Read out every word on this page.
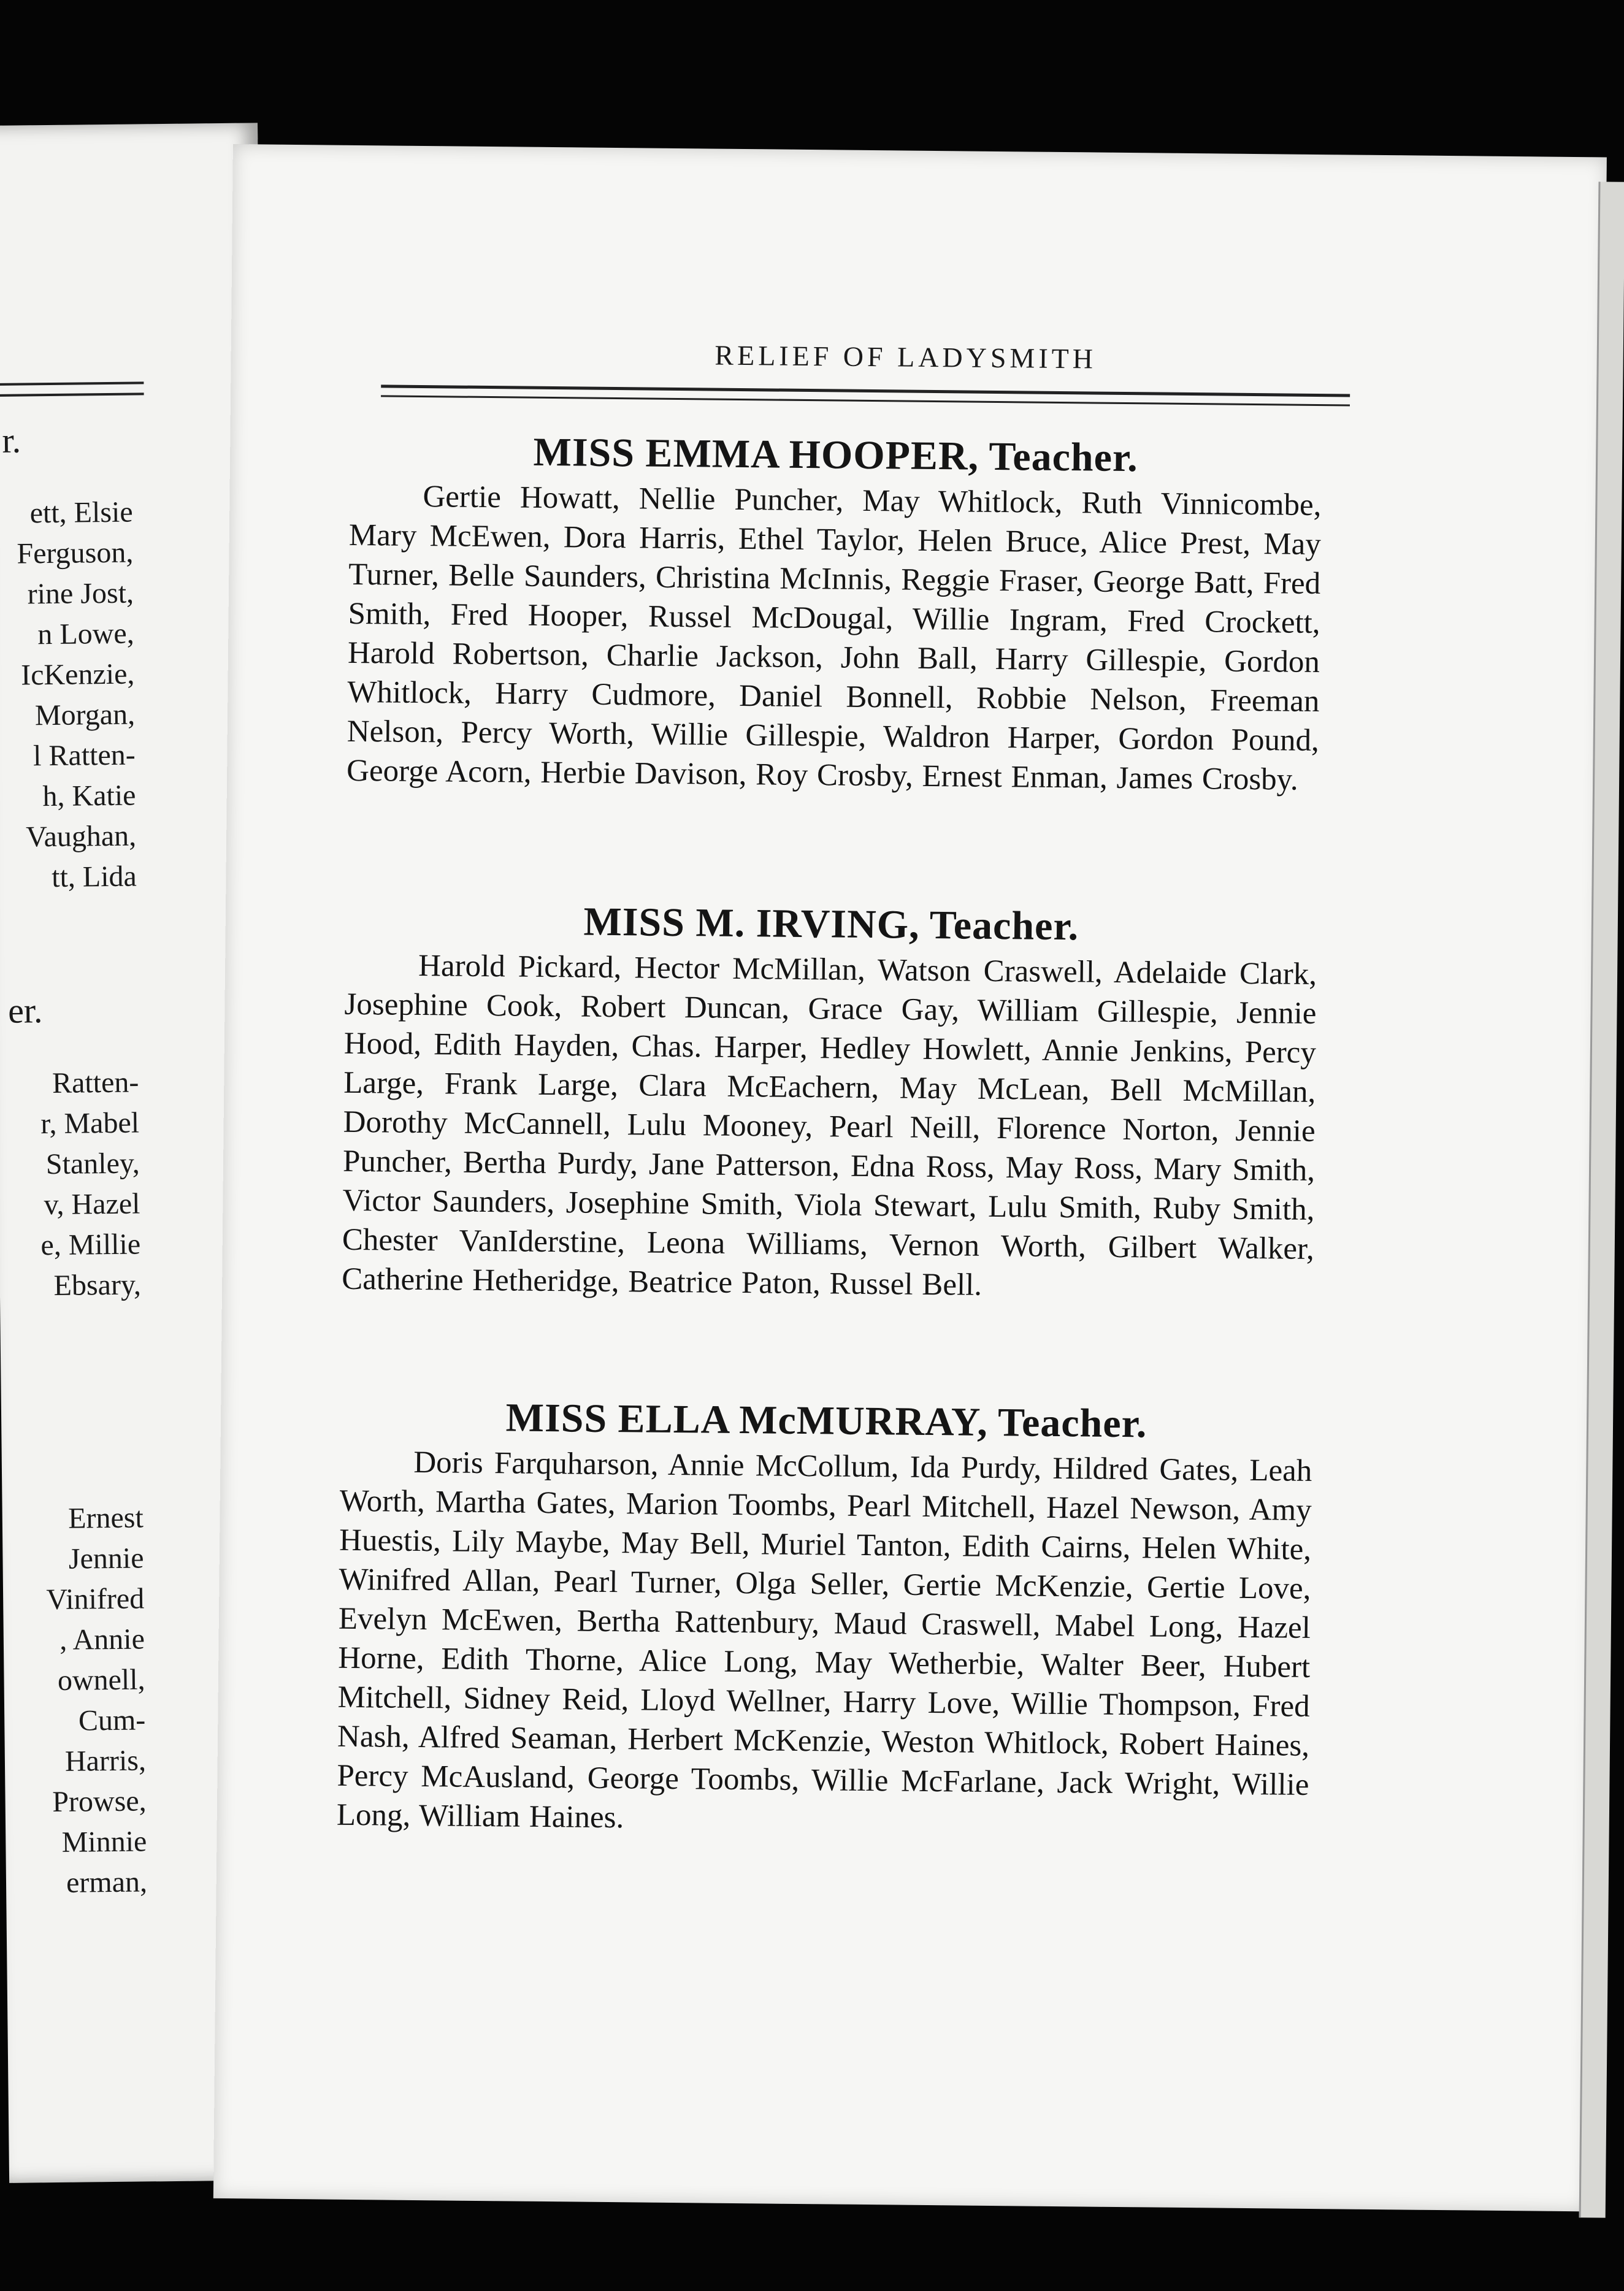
r.
ett, Elsie
Ferguson,
rine Jost,
n Lowe,
IcKenzie,
Morgan,
l Ratten-
h, Katie
Vaughan,
tt, Lida
er.
Ratten-
r, Mabel
Stanley,
v, Hazel
e, Millie
Ebsary,
Ernest
Jennie
Vinifred
, Annie
ownell,
Cum-
Harris,
Prowse,
Minnie
erman,
RELIEF OF LADYSMITH
MISS EMMA HOOPER, Teacher.

Gertie Howatt, Nellie Puncher, May Whitlock, Ruth Vinnicombe, Mary McEwen, Dora Harris, Ethel Taylor, Helen Bruce, Alice Prest, May Turner, Belle Saunders, Christina McInnis, Reggie Fraser, George Batt, Fred Smith, Fred Hooper, Russel McDougal, Willie Ingram, Fred Crockett, Harold Robertson, Charlie Jackson, John Ball, Harry Gillespie, Gordon Whitlock, Harry Cudmore, Daniel Bonnell, Robbie Nelson, Freeman Nelson, Percy Worth, Willie Gillespie, Waldron Harper, Gordon Pound, George Acorn, Herbie Davison, Roy Crosby, Ernest Enman, James Crosby.

MISS M. IRVING, Teacher.

Harold Pickard, Hector McMillan, Watson Craswell, Adelaide Clark, Josephine Cook, Robert Duncan, Grace Gay, William Gillespie, Jennie Hood, Edith Hayden, Chas. Harper, Hedley Howlett, Annie Jenkins, Percy Large, Frank Large, Clara McEachern, May McLean, Bell McMillan, Dorothy McCannell, Lulu Mooney, Pearl Neill, Florence Norton, Jennie Puncher, Bertha Purdy, Jane Patterson, Edna Ross, May Ross, Mary Smith, Victor Saunders, Josephine Smith, Viola Stewart, Lulu Smith, Ruby Smith, Chester VanIderstine, Leona Williams, Vernon Worth, Gilbert Walker, Catherine Hetheridge, Beatrice Paton, Russel Bell.

MISS ELLA McMURRAY, Teacher.

Doris Farquharson, Annie McCollum, Ida Purdy, Hildred Gates, Leah Worth, Martha Gates, Marion Toombs, Pearl Mitchell, Hazel Newson, Amy Huestis, Lily Maybe, May Bell, Muriel Tanton, Edith Cairns, Helen White, Winifred Allan, Pearl Turner, Olga Seller, Gertie McKenzie, Gertie Love, Evelyn McEwen, Bertha Rattenbury, Maud Craswell, Mabel Long, Hazel Horne, Edith Thorne, Alice Long, May Wetherbie, Walter Beer, Hubert Mitchell, Sidney Reid, Lloyd Wellner, Harry Love, Willie Thompson, Fred Nash, Alfred Seaman, Herbert McKenzie, Weston Whitlock, Robert Haines, Percy McAusland, George Toombs, Willie McFarlane, Jack Wright, Willie Long, William Haines.
